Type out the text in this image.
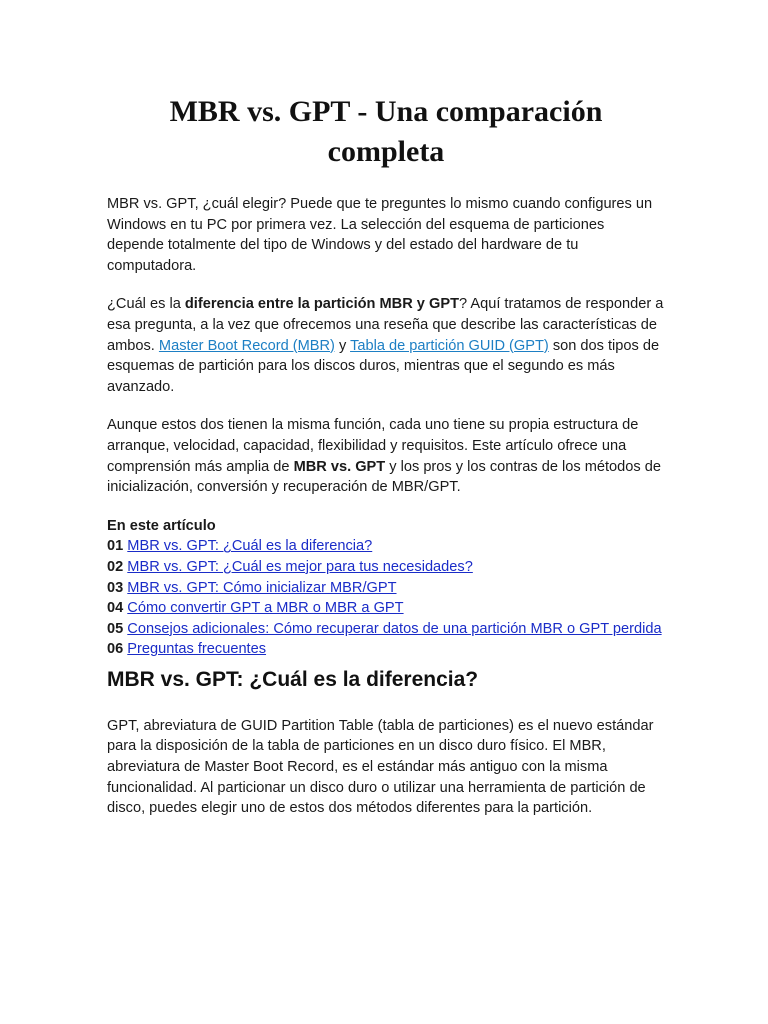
MBR vs. GPT - Una comparación completa

MBR vs. GPT, ¿cuál elegir? Puede que te preguntes lo mismo cuando configures un Windows en tu PC por primera vez. La selección del esquema de particiones depende totalmente del tipo de Windows y del estado del hardware de tu computadora.

¿Cuál es la diferencia entre la partición MBR y GPT? Aquí tratamos de responder a esa pregunta, a la vez que ofrecemos una reseña que describe las características de ambos. Master Boot Record (MBR) y Tabla de partición GUID (GPT) son dos tipos de esquemas de partición para los discos duros, mientras que el segundo es más avanzado.

Aunque estos dos tienen la misma función, cada uno tiene su propia estructura de arranque, velocidad, capacidad, flexibilidad y requisitos. Este artículo ofrece una comprensión más amplia de MBR vs. GPT y los pros y los contras de los métodos de inicialización, conversión y recuperación de MBR/GPT.

En este artículo
01 MBR vs. GPT: ¿Cuál es la diferencia?
02 MBR vs. GPT: ¿Cuál es mejor para tus necesidades?
03 MBR vs. GPT: Cómo inicializar MBR/GPT
04 Cómo convertir GPT a MBR o MBR a GPT
05 Consejos adicionales: Cómo recuperar datos de una partición MBR o GPT perdida
06 Preguntas frecuentes
MBR vs. GPT: ¿Cuál es la diferencia?

GPT, abreviatura de GUID Partition Table (tabla de particiones) es el nuevo estándar para la disposición de la tabla de particiones en un disco duro físico. El MBR, abreviatura de Master Boot Record, es el estándar más antiguo con la misma funcionalidad. Al particionar un disco duro o utilizar una herramienta de partición de disco, puedes elegir uno de estos dos métodos diferentes para la partición.
